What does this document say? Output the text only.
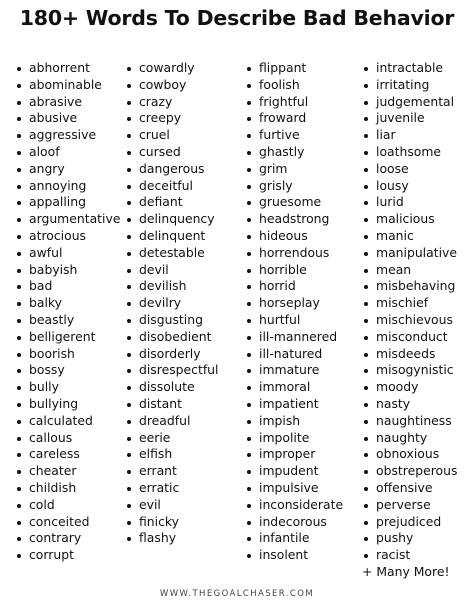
180+ Words To Describe Bad Behavior
abhorrent
abominable
abrasive
abusive
aggressive
aloof
angry
annoying
appalling
argumentative
atrocious
awful
babyish
bad
balky
beastly
belligerent
boorish
bossy
bully
bullying
calculated
callous
careless
cheater
childish
cold
conceited
contrary
corrupt
cowardly
cowboy
crazy
creepy
cruel
cursed
dangerous
deceitful
defiant
delinquency
delinquent
detestable
devil
devilish
devilry
disgusting
disobedient
disorderly
disrespectful
dissolute
distant
dreadful
eerie
elfish
errant
erratic
evil
finicky
flashy
flippant
foolish
frightful
froward
furtive
ghastly
grim
grisly
gruesome
headstrong
hideous
horrendous
horrible
horrid
horseplay
hurtful
ill-mannered
ill-natured
immature
immoral
impatient
impish
impolite
improper
impudent
impulsive
inconsiderate
indecorous
infantile
insolent
intractable
irritating
judgemental
juvenile
liar
loathsome
loose
lousy
lurid
malicious
manic
manipulative
mean
misbehaving
mischief
mischievous
misconduct
misdeeds
misogynistic
moody
nasty
naughtiness
naughty
obnoxious
obstreperous
offensive
perverse
prejudiced
pushy
racist
+ Many More!
WWW.THEGOALCHASER.COM
